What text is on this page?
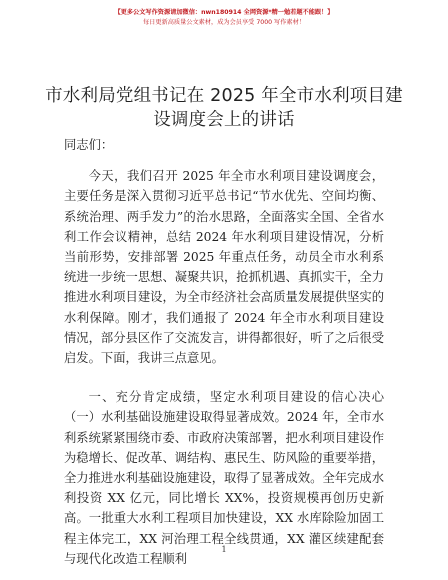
【更多公文写作资源请加微信：nwn180914 全网资源*精一勉若题不能跟！】
每日更新高质量公文素材，成为会员享受 7000 写作素材！
市水利局党组书记在 2025 年全市水利项目建设调度会上的讲话

同志们：

今天，我们召开 2025 年全市水利项目建设调度会，主要任务是深入贯彻习近平总书记“节水优先、空间均衡、系统治理、两手发力”的治水思路，全面落实全国、全省水利工作会议精神，总结 2024 年水利项目建设情况，分析当前形势，安排部署 2025 年重点任务，动员全市水利系统进一步统一思想、凝聚共识，抢抓机遇、真抓实干，全力推进水利项目建设，为全市经济社会高质量发展提供坚实的水利保障。刚才，我们通报了 2024 年全市水利项目建设情况，部分县区作了交流发言，讲得都很好，听了之后很受启发。下面，我讲三点意见。

一、充分肯定成绩，坚定水利项目建设的信心决心（一）水利基础设施建设取得显著成效。2024 年，全市水利系统紧紧围绕市委、市政府决策部署，把水利项目建设作为稳增长、促改革、调结构、惠民生、防风险的重要举措，全力推进水利基础设施建设，取得了显著成效。全年完成水利投资 XX 亿元，同比增长 XX%，投资规模再创历史新高。一批重大水利工程项目加快建设，XX 水库除险加固工程主体完工，XX 河治理工程全线贯通，XX 灌区续建配套与现代化改造工程顺利

1
